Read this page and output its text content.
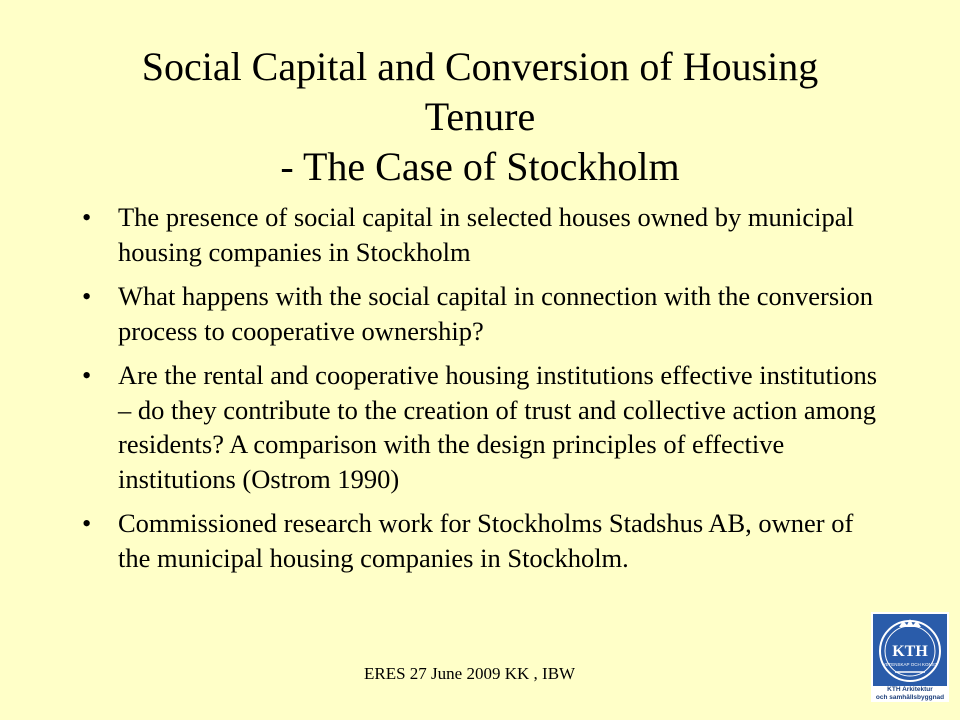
Social Capital and Conversion of Housing
Tenure
- The Case of Stockholm
• The presence of social capital in selected houses owned by municipal housing companies in Stockholm
• What happens with the social capital in connection with the conversion process to cooperative ownership?
• Are the rental and cooperative housing institutions effective institutions – do they contribute to the creation of trust and collective action among residents? A comparison with the design principles of effective institutions (Ostrom 1990)
• Commissioned research work for Stockholms Stadshus AB, owner of the municipal housing companies in Stockholm.
ERES 27 June 2009 KK , IBW
KTH
VETENSKAP OCH KONST
KTH Arkitektur
och samhällsbyggnad
